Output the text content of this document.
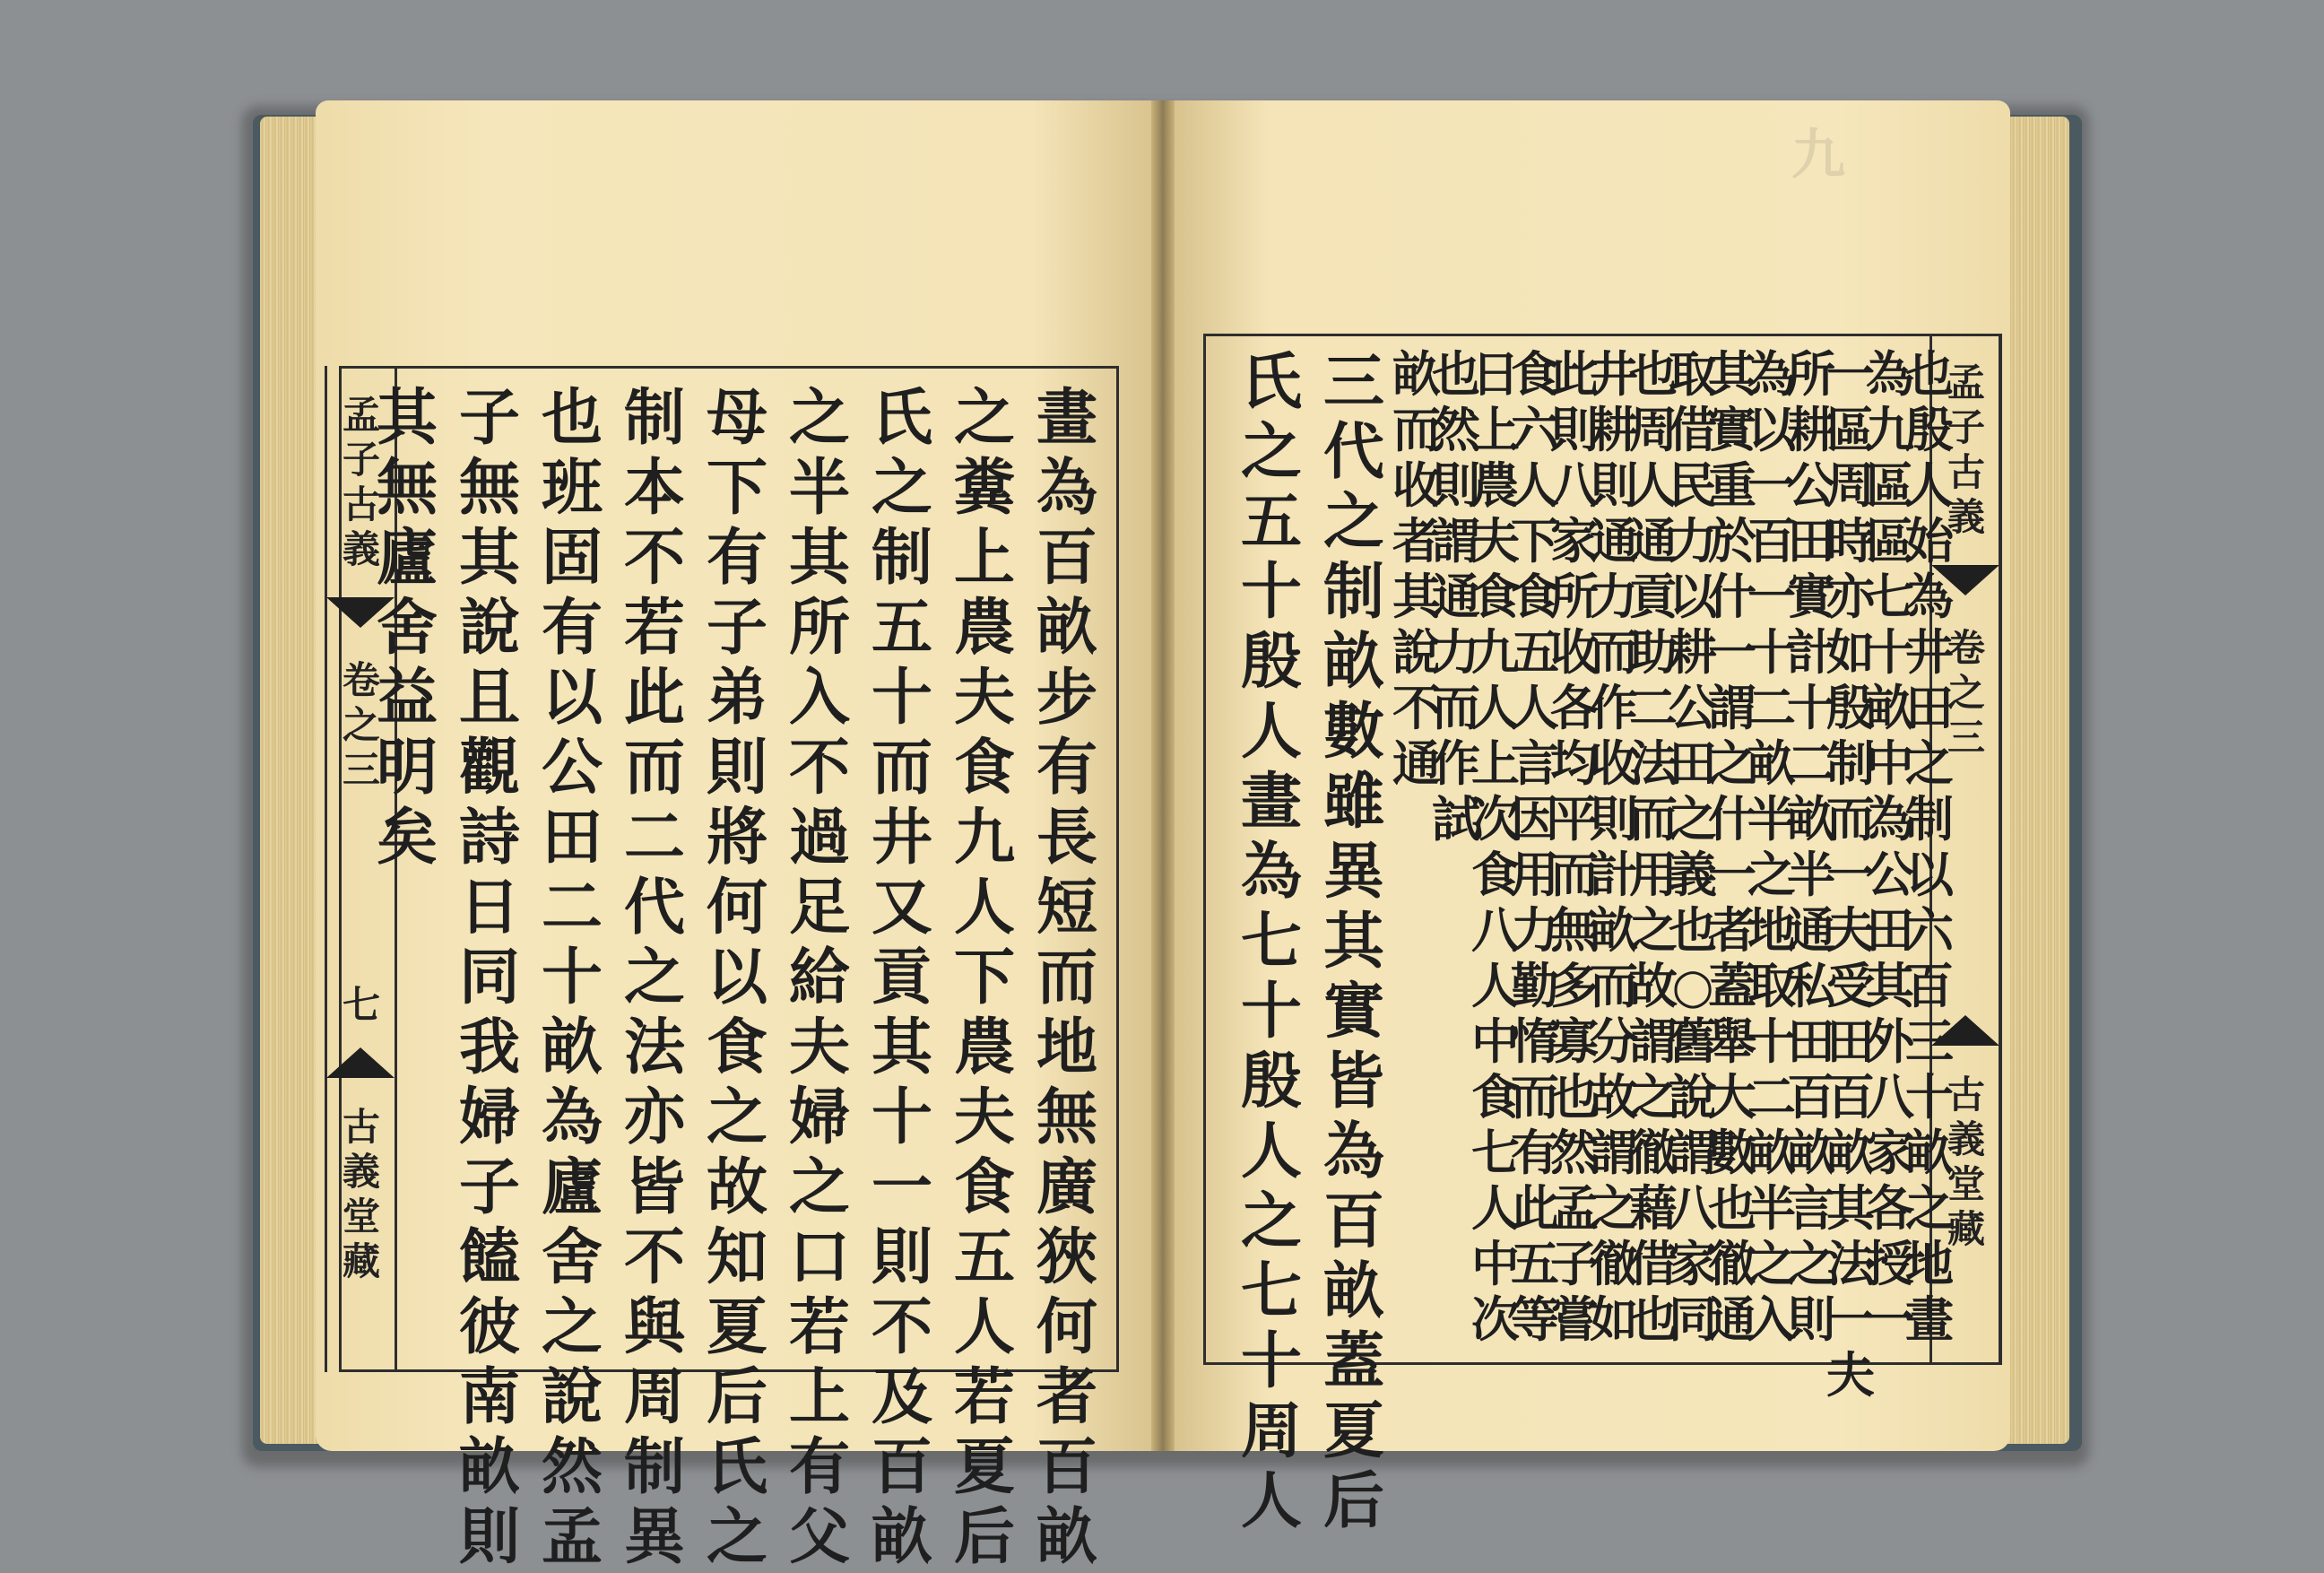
九
孟
子
古
義
卷
之
三
七
古
義
堂
藏
畫
為
百
畝
步
有
長
短
而
地
無
廣
狹
何
者
百
畝
之
糞
上
農
夫
食
九
人
下
農
夫
食
五
人
若
夏
后
氏
之
制
五
十
而
井
又
貢
其
十
一
則
不
及
百
畝
之
半
其
所
入
不
過
足
給
夫
婦
之
口
若
上
有
父
母
下
有
子
弟
則
將
何
以
食
之
故
知
夏
后
氏
之
制
本
不
若
此
而
二
代
之
法
亦
皆
不
與
周
制
異
也
班
固
有
以
公
田
二
十
畝
為
廬
舍
之
說
然
孟
子
無
其
說
且
觀
詩
日
同
我
婦
子
饁
彼
南
畝
則
其
無
廬
舍
益
明
矣
孟
子
古
義
卷
之
三
古
義
堂
藏
氏
之
五
十
殷
人
畫
為
七
十
殷
人
之
七
十
周
人
三
代
之
制
畝
數
雖
異
其
實
皆
為
百
畝
蓋
夏
后
畝
而
收
者
其
說
不
通
也
然
則
謂
通
力
而
作
試
日
上
農
夫
食
九
人
上
次
食
八
人
中
食
七
人
中
次
食
六
人
下
食
五
人
言
因
用
力
勤
惰
而
有
此
五
等
此
則
八
家
所
收
各
均
平
而
無
多
寡
也
然
孟
子
嘗
井
耕
則
通
力
而
作
收
則
計
畝
而
分
故
謂
之
徹
如
也
周
人
通
貢
助
二
法
而
用
之
故
謂
之
徹
藉
借
也
取
借
民
力
以
耕
公
田
之
義
也
○
舊
說
謂
八
家
同
其
實
重
於
什
一
謂
之
什
一
者
蓋
舉
大
數
也
徹
通
為
以
一
百
一
十
二
畝
半
之
地
取
十
二
畝
半
之
入
所
耕
公
田
實
計
十
二
畝
半
通
私
田
百
畝
言
之
則
一
區
周
時
亦
如
殷
制
而
一
夫
受
田
百
畝
其
法
一
夫
為
九
區
區
七
十
畝
中
為
公
田
其
外
八
家
各
授
一
也
殷
人
始
為
井
田
之
制
以
六
百
三
十
畝
之
地
畫
